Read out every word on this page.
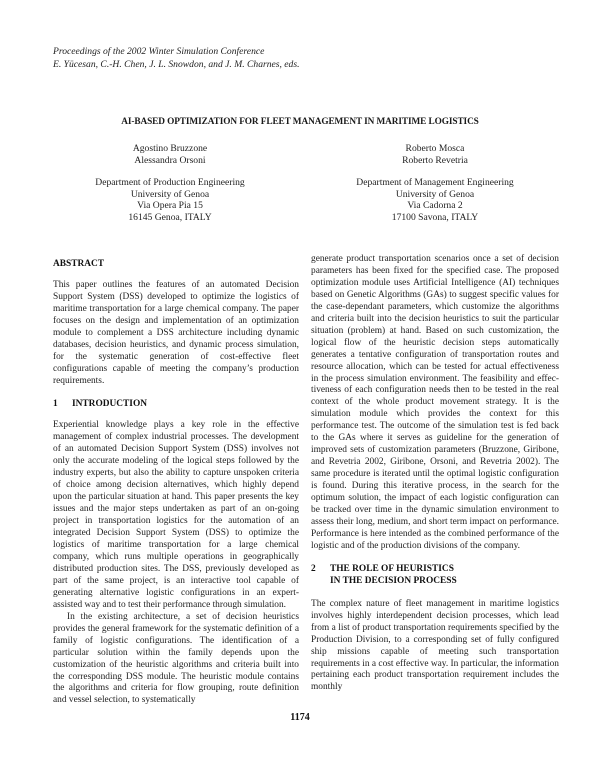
Proceedings of the 2002 Winter Simulation Conference
E. Yücesan, C.-H. Chen, J. L. Snowdon, and J. M. Charnes, eds.
AI-BASED OPTIMIZATION FOR FLEET MANAGEMENT IN MARITIME LOGISTICS
Agostino Bruzzone
Alessandra Orsoni
Department of Production Engineering
University of Genoa
Via Opera Pia 15
16145 Genoa, ITALY
Roberto Mosca
Roberto Revetria
Department of Management Engineering
University of Genoa
Via Cadorna 2
17100 Savona, ITALY
ABSTRACT

This paper outlines the features of an automated Decision Support System (DSS) developed to optimize the logistics of maritime transportation for a large chemical company. The paper focuses on the design and implementation of an optimization module to complement a DSS architecture including dynamic databases, decision heuristics, and dynamic process simulation, for the systematic generation of cost-effective fleet configurations capable of meeting the company’s production requirements.

1	INTRODUCTION

Experiential knowledge plays a key role in the effective management of complex industrial processes. The development of an automated Decision Support System (DSS) involves not only the accurate modeling of the logical steps followed by the industry experts, but also the ability to capture unspoken criteria of choice among decision alternatives, which highly depend upon the particular situation at hand. This paper presents the key issues and the major steps undertaken as part of an on-going project in transportation logistics for the automation of an integrated Decision Support System (DSS) to optimize the logistics of maritime transportation for a large chemical company, which runs multiple operations in geographically distributed production sites. The DSS, previously developed as part of the same project, is an interactive tool capable of generating alternative logistic configurations in an expert-assisted way and to test their performance through simulation.

In the existing architecture, a set of decision heuristics provides the general framework for the systematic definition of a family of logistic configurations. The identification of a particular solution within the family depends upon the customization of the heuristic algorithms and criteria built into the corresponding DSS module. The heuristic module contains the algorithms and criteria for flow grouping, route definition and vessel selection, to systematically

generate product transportation scenarios once a set of decision parameters has been fixed for the specified case. The proposed optimization module uses Artificial Intelligence (AI) techniques based on Genetic Algorithms (GAs) to suggest specific values for the case-dependant parameters, which customize the algorithms and criteria built into the decision heuristics to suit the particular situation (problem) at hand. Based on such customization, the logical flow of the heuristic decision steps automatically generates a tentative configuration of transportation routes and resource allocation, which can be tested for actual effectiveness in the process simulation environment. The feasibility and effectiveness of each configuration needs then to be tested in the real context of the whole product movement strategy. It is the simulation module which provides the context for this performance test. The outcome of the simulation test is fed back to the GAs where it serves as guideline for the generation of improved sets of customization parameters (Bruzzone, Giribone, and Revetria 2002, Giribone, Orsoni, and Revetria 2002). The same procedure is iterated until the optimal logistic configuration is found. During this iterative process, in the search for the optimum solution, the impact of each logistic configuration can be tracked over time in the dynamic simulation environment to assess their long, medium, and short term impact on performance. Performance is here intended as the combined performance of the logistic and of the production divisions of the company.

2	THE ROLE OF HEURISTICS
IN THE DECISION PROCESS

The complex nature of fleet management in maritime logistics involves highly interdependent decision processes, which lead from a list of product transportation requirements specified by the Production Division, to a corresponding set of fully configured ship missions capable of meeting such transportation requirements in a cost effective way. In particular, the information pertaining each product transportation requirement includes the monthly

1174
